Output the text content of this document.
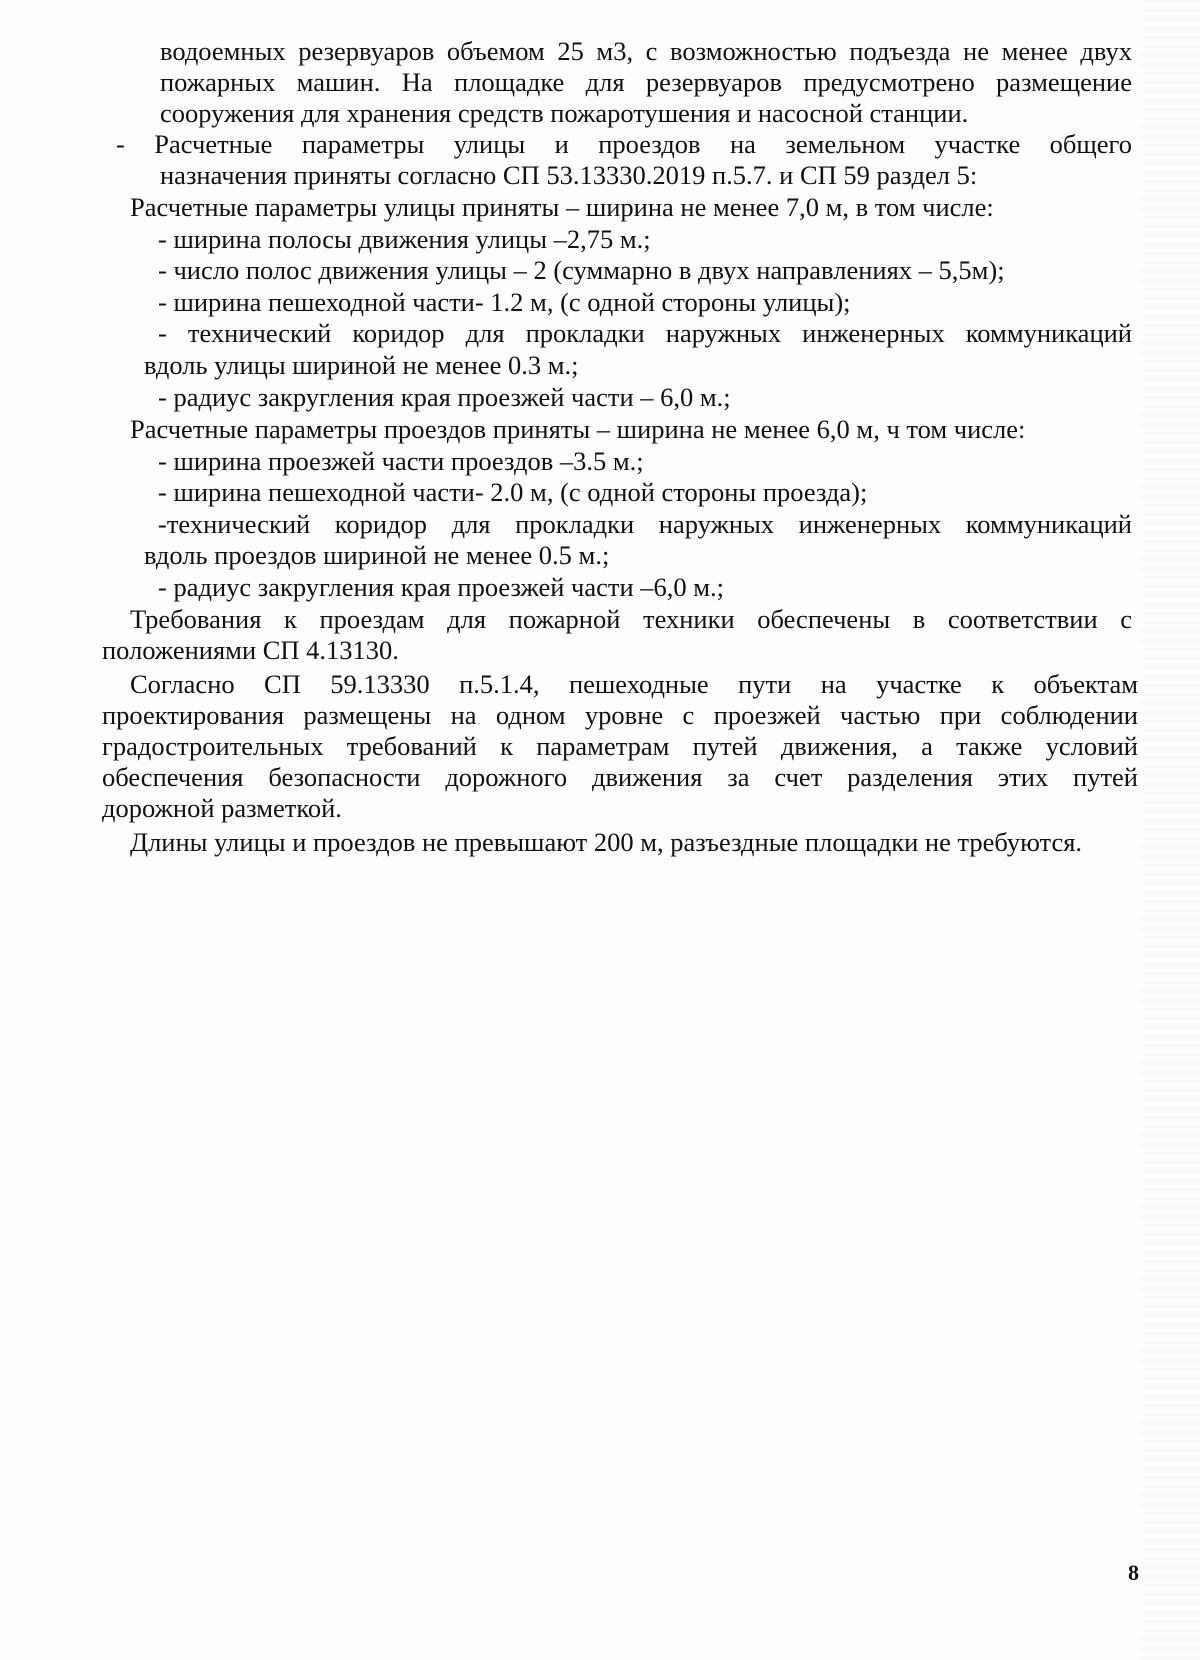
водоемных резервуаров объемом 25 м3, с возможностью подъезда не менее двух
пожарных машин. На площадке для резервуаров предусмотрено размещение
сооружения для хранения средств пожаротушения и насосной станции.
- Расчетные параметры улицы и проездов на земельном участке общего
назначения приняты согласно СП 53.13330.2019 п.5.7. и СП 59 раздел 5:
Расчетные параметры улицы приняты – ширина не менее 7,0 м, в том числе:
- ширина полосы движения улицы –2,75 м.;
- число полос движения улицы – 2 (суммарно в двух направлениях – 5,5м);
- ширина пешеходной части- 1.2 м, (с одной стороны улицы);
- технический коридор для прокладки наружных инженерных коммуникаций
вдоль улицы шириной не менее 0.3 м.;
- радиус закругления края проезжей части – 6,0 м.;
Расчетные параметры проездов приняты – ширина не менее 6,0 м, ч том числе:
- ширина проезжей части проездов –3.5 м.;
- ширина пешеходной части- 2.0 м, (с одной стороны проезда);
-технический коридор для прокладки наружных инженерных коммуникаций
вдоль проездов шириной не менее 0.5 м.;
- радиус закругления края проезжей части –6,0 м.;
Требования к проездам для пожарной техники обеспечены в соответствии с
положениями СП 4.13130.
Согласно СП 59.13330 п.5.1.4, пешеходные пути на участке к объектам
проектирования размещены на одном уровне с проезжей частью при соблюдении
градостроительных требований к параметрам путей движения, а также условий
обеспечения безопасности дорожного движения за счет разделения этих путей
дорожной разметкой.
Длины улицы и проездов не превышают 200 м, разъездные площадки не требуются.
8
